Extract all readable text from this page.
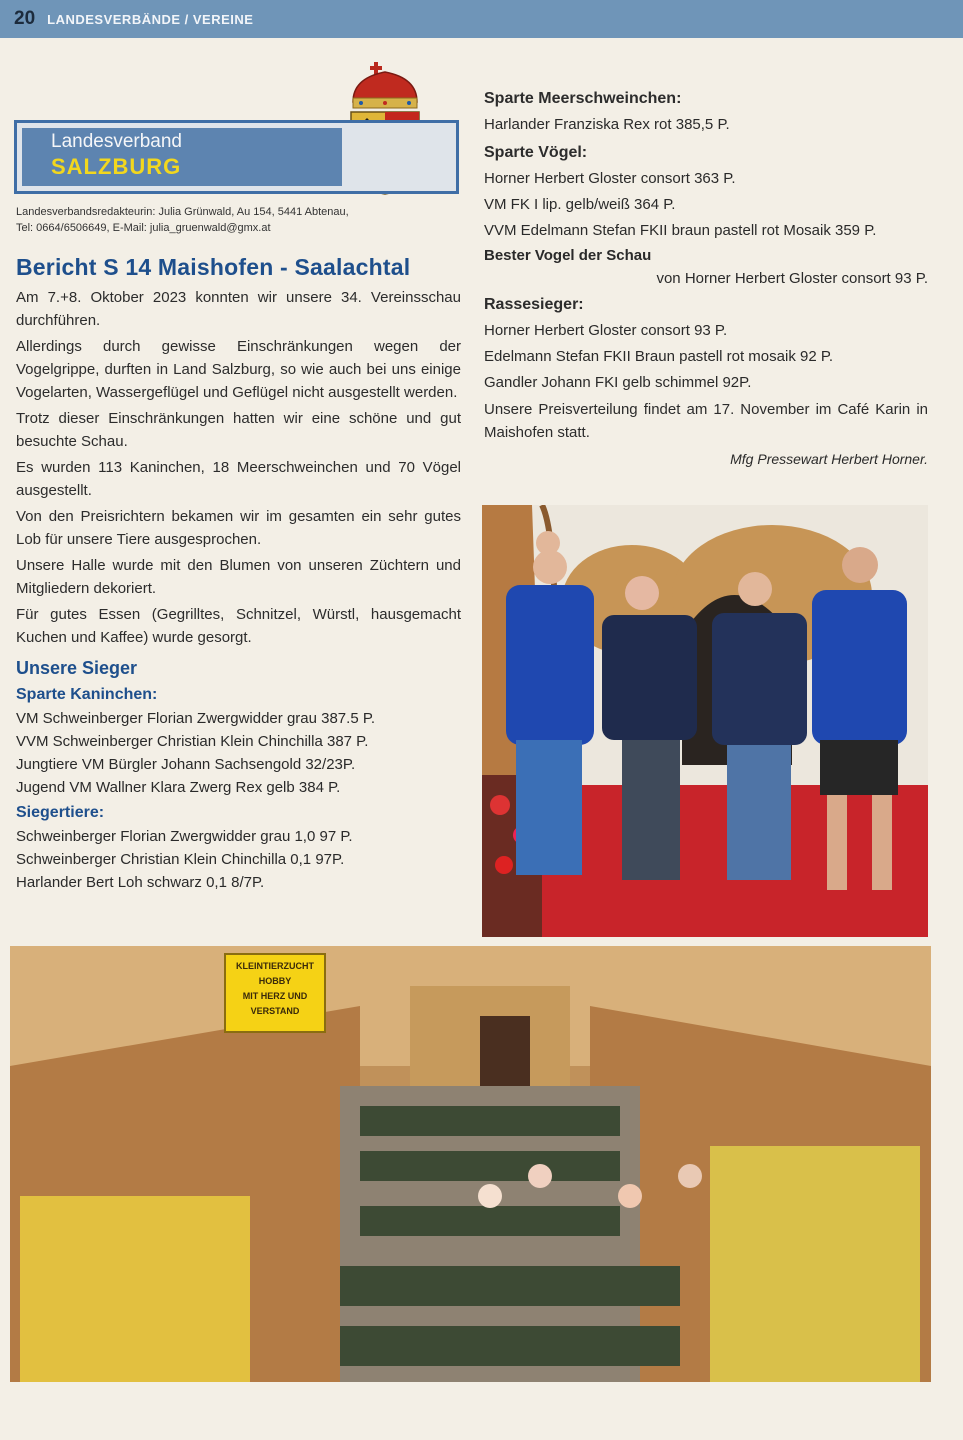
20 LANDESVERBÄNDE / VEREINE
Landesverband
SALZBURG
Landesverbandsredakteurin: Julia Grünwald, Au 154, 5441 Abtenau,
Tel: 0664/6506649, E-Mail: julia_gruenwald@gmx.at
Bericht S 14 Maishofen - Saalachtal

Am 7.+8. Oktober 2023 konnten wir unsere 34. Vereinsschau durchführen.

Allerdings durch gewisse Einschränkungen wegen der Vogelgrippe, durften in Land Salzburg, so wie auch bei uns einige Vogelarten, Wassergeflügel und Geflügel nicht ausgestellt werden.

Trotz dieser Einschränkungen hatten wir eine schöne und gut besuchte Schau.

Es wurden 113 Kaninchen, 18 Meerschweinchen und 70 Vögel ausgestellt.

Von den Preisrichtern bekamen wir im gesamten ein sehr gutes Lob für unsere Tiere ausgesprochen.

Unsere Halle wurde mit den Blumen von unseren Züchtern und Mitgliedern dekoriert.

Für gutes Essen (Gegrilltes, Schnitzel, Würstl, hausgemacht Kuchen und Kaffee) wurde gesorgt.

Unsere Sieger
Sparte Kaninchen:
VM Schweinberger Florian Zwergwidder grau 387.5 P.
VVM Schweinberger Christian Klein Chinchilla 387 P.
Jungtiere VM Bürgler Johann Sachsengold 32/23P.
Jugend VM Wallner Klara Zwerg Rex gelb 384 P.
Siegertiere:
Schweinberger Florian Zwergwidder grau 1,0 97 P.
Schweinberger Christian Klein Chinchilla 0,1 97P.
Harlander Bert Loh schwarz 0,1 8/7P.
Sparte Meerschweinchen:
Harlander Franziska Rex rot 385,5 P.
Sparte Vögel:
Horner Herbert Gloster consort 363 P.
VM FK I lip. gelb/weiß 364 P.
VVM Edelmann Stefan FKII braun pastell rot Mosaik 359 P.
Bester Vogel der Schau
von Horner Herbert Gloster consort 93 P.
Rassesieger:
Horner Herbert Gloster consort 93 P.
Edelmann Stefan FKII Braun pastell rot mosaik 92 P.
Gandler Johann FKI gelb schimmel 92P.

Unsere Preisverteilung findet am 17. November im Café Karin in Maishofen statt.

Mfg Pressewart Herbert Horner.
KLEINTIERZUCHT
HOBBY
MIT HERZ UND
VERSTAND
